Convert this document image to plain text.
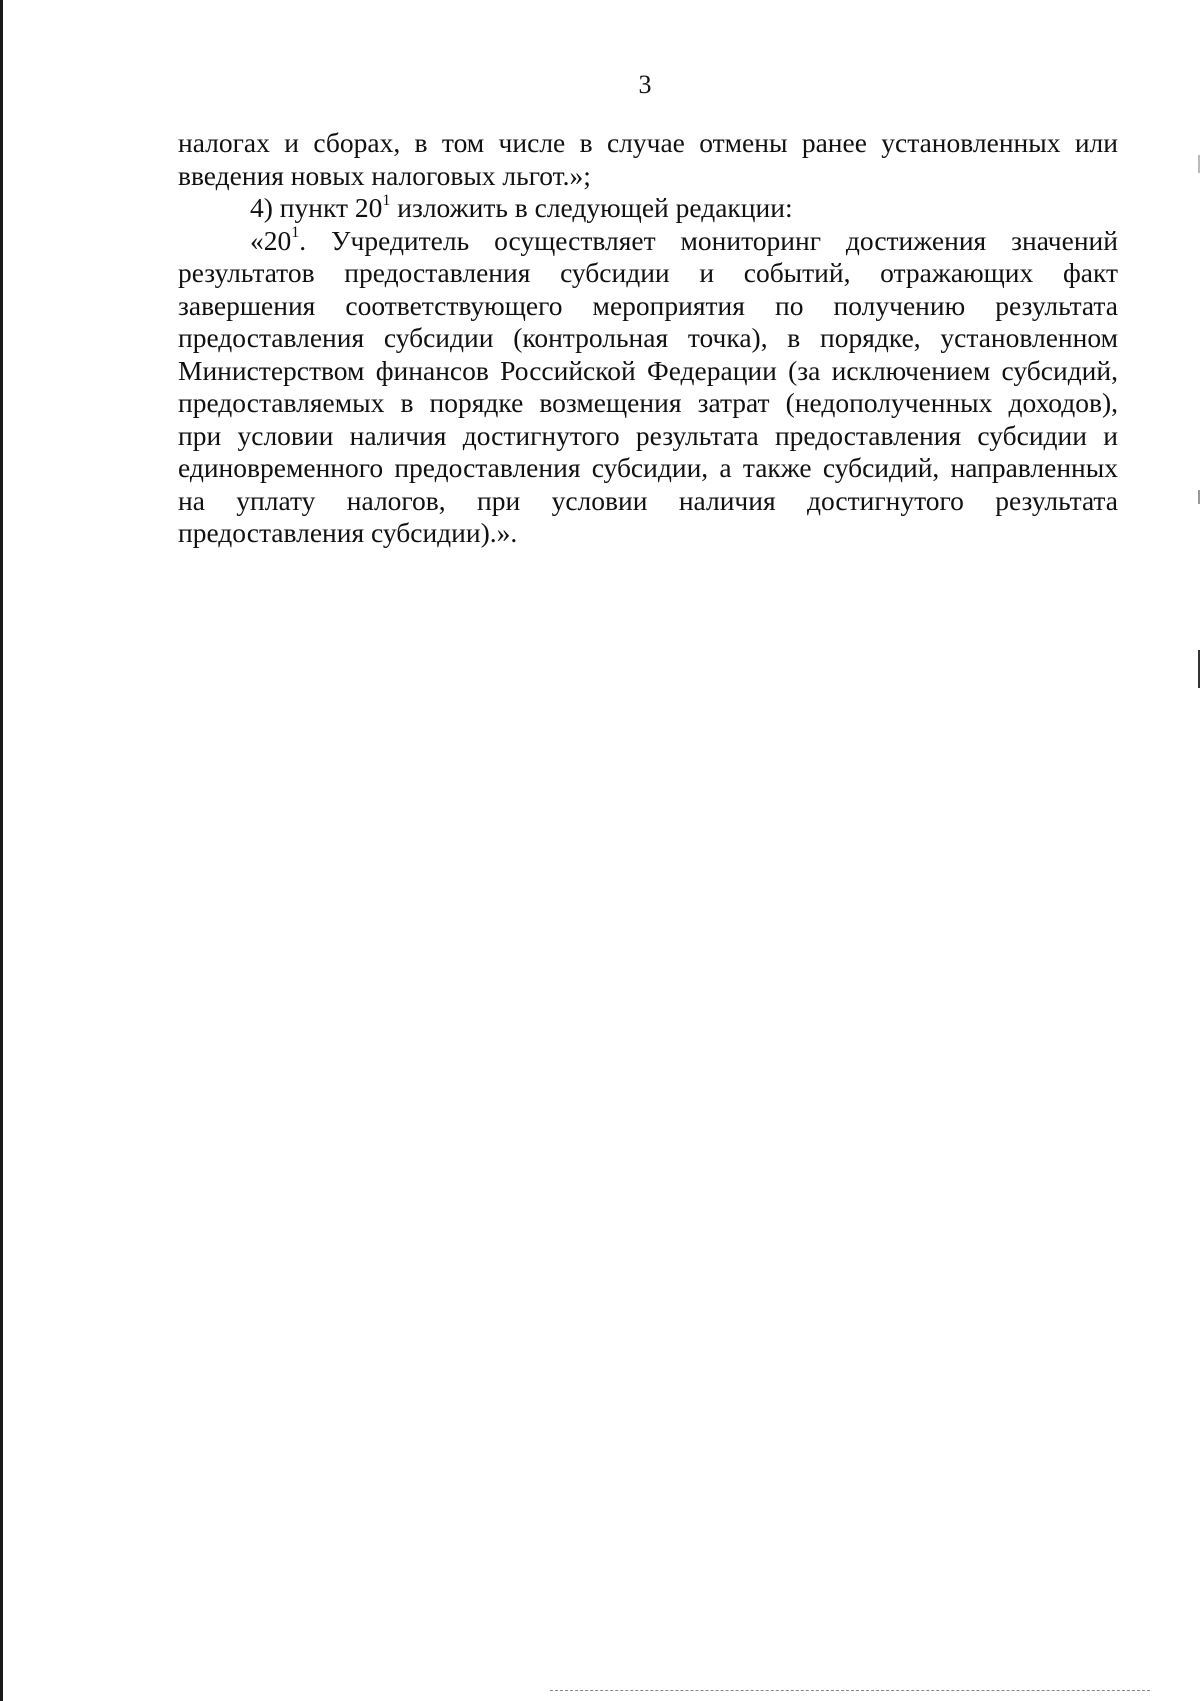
3
налогах и сборах, в том числе в случае отмены ранее установленных или
введения новых налоговых льгот.»;
4) пункт $20^1$ изложить в следующей редакции:
«$20^1$. Учредитель осуществляет мониторинг достижения значений
результатов предоставления субсидии и событий, отражающих факт
завершения соответствующего мероприятия по получению результата
предоставления субсидии (контрольная точка), в порядке, установленном
Министерством финансов Российской Федерации (за исключением субсидий,
предоставляемых в порядке возмещения затрат (недополученных доходов),
при условии наличия достигнутого результата предоставления субсидии и
единовременного предоставления субсидии, а также субсидий, направленных
на уплату налогов, при условии наличия достигнутого результата
предоставления субсидии).».
